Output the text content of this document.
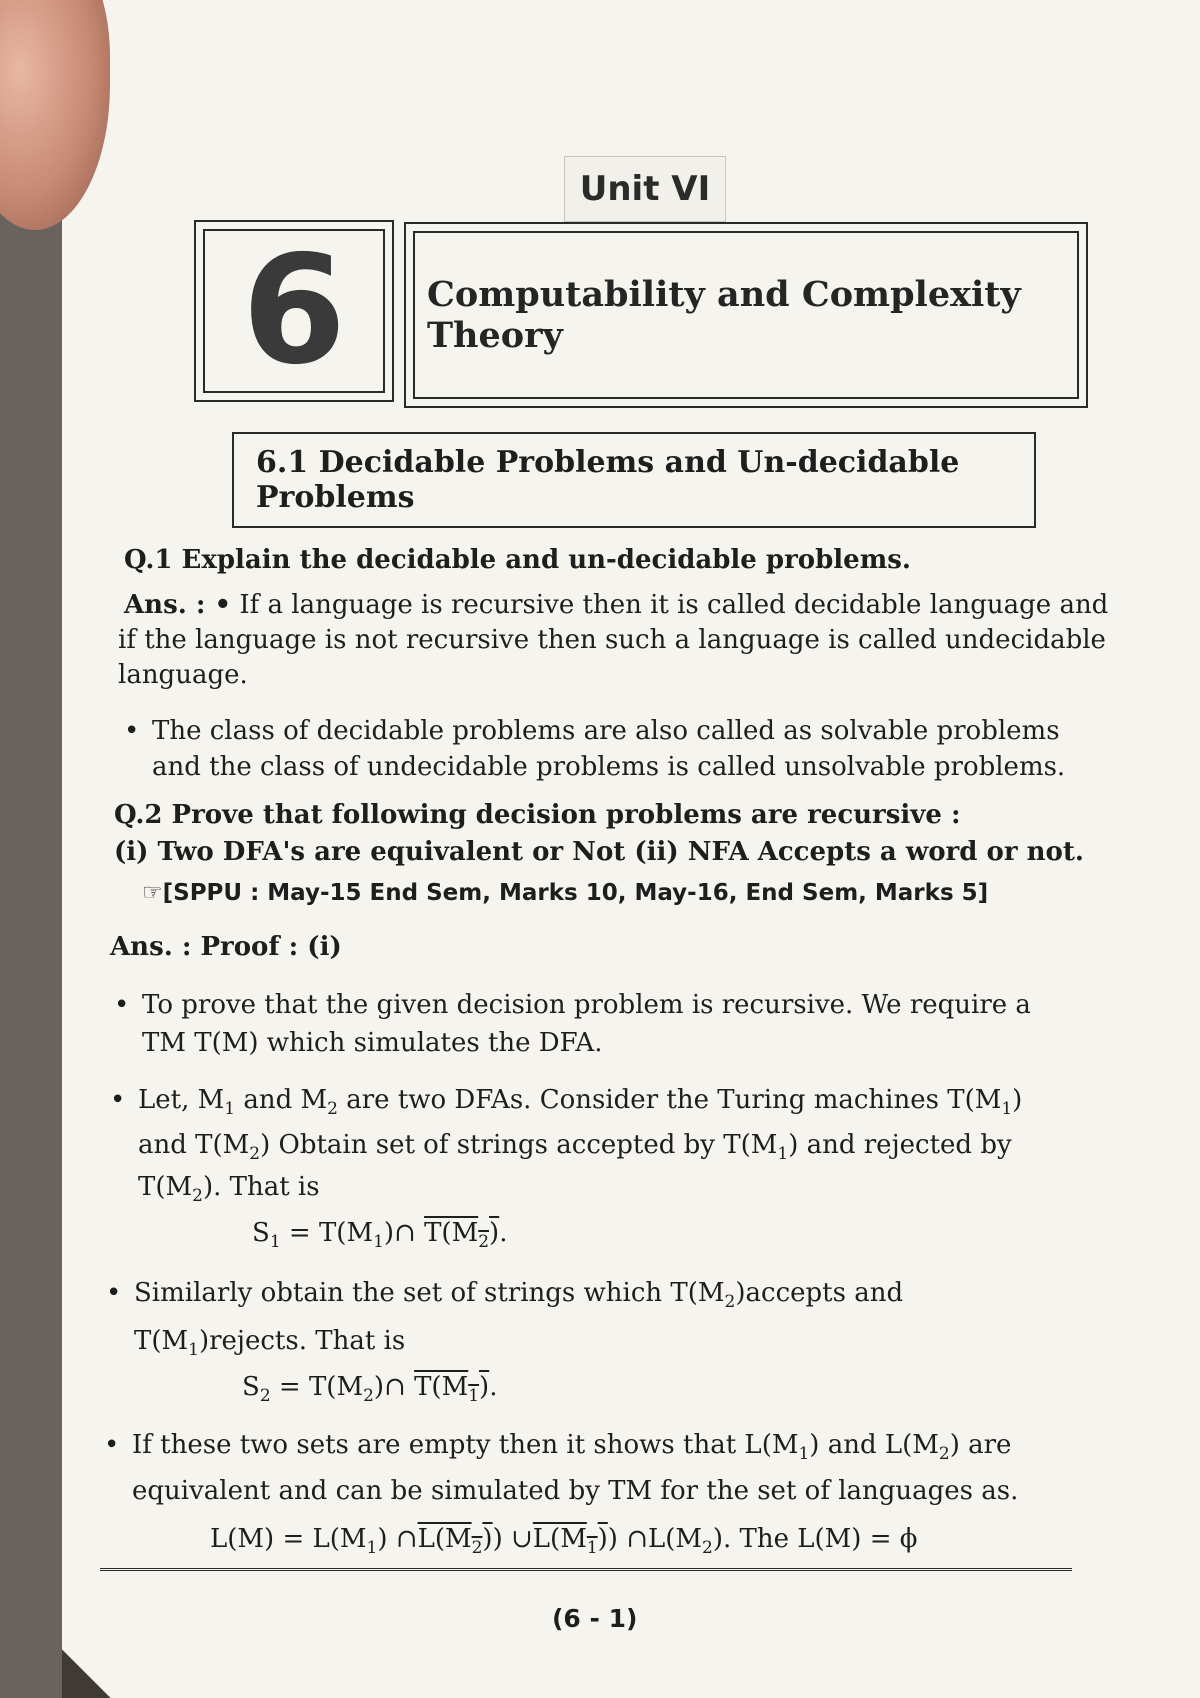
Unit VI
6	Computability and Complexity Theory
6.1 Decidable Problems and Un-decidable Problems
Q.1 Explain the decidable and un-decidable problems.
Ans. : • If a language is recursive then it is called decidable language and
if the language is not recursive then such a language is called undecidable
language.
• The class of decidable problems are also called as solvable problems
and the class of undecidable problems is called unsolvable problems.
Q.2 Prove that following decision problems are recursive :
(i) Two DFA's are equivalent or Not (ii) NFA Accepts a word or not.
☞[SPPU : May-15 End Sem, Marks 10, May-16, End Sem, Marks 5]
Ans. : Proof : (i)
• To prove that the given decision problem is recursive. We require a
TM T(M) which simulates the DFA.
• Let, $M_1$ and $M_2$ are two DFAs. Consider the Turing machines $T(M_1)$
and $T(M_2)$ Obtain set of strings accepted by $T(M_1)$ and rejected by
$T(M_2)$. That is
$S_1$ = $T(M_1)\cap$ $T(M_2)$.
• Similarly obtain the set of strings which $T(M_2)accepts$ and
$T(M_1)rejects$. That is
$S_2$ = $T(M_2)\cap$ $T(M_1)$.
• If these two sets are empty then it shows that $L(M_1)$ and $L(M_2)$ are
equivalent and can be simulated by TM for the set of languages as.
$L(M) = L(M_1)$ $\cap L(M_2)$) $\cup L(M_1)$) $\cap L(M_2)$. The L(M) = ϕ
(6 - 1)
